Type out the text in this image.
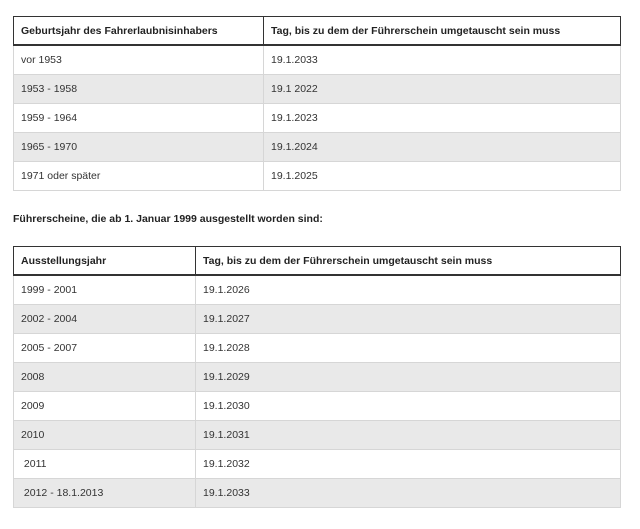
Geburtsjahr des Fahrerlaubnisinhabers	Tag, bis zu dem der Führerschein umgetauscht sein muss
vor 1953	19.1.2033
1953 - 1958	19.1 2022
1959 - 1964	19.1.2023
1965 - 1970	19.1.2024
1971 oder später	19.1.2025

Führerscheine, die ab 1. Januar 1999 ausgestellt worden sind:

Ausstellungsjahr	Tag, bis zu dem der Führerschein umgetauscht sein muss
1999 - 2001	19.1.2026
2002 - 2004	19.1.2027
2005 - 2007	19.1.2028
2008	19.1.2029
2009	19.1.2030
2010	19.1.2031
2011	19.1.2032
2012 - 18.1.2013	19.1.2033
